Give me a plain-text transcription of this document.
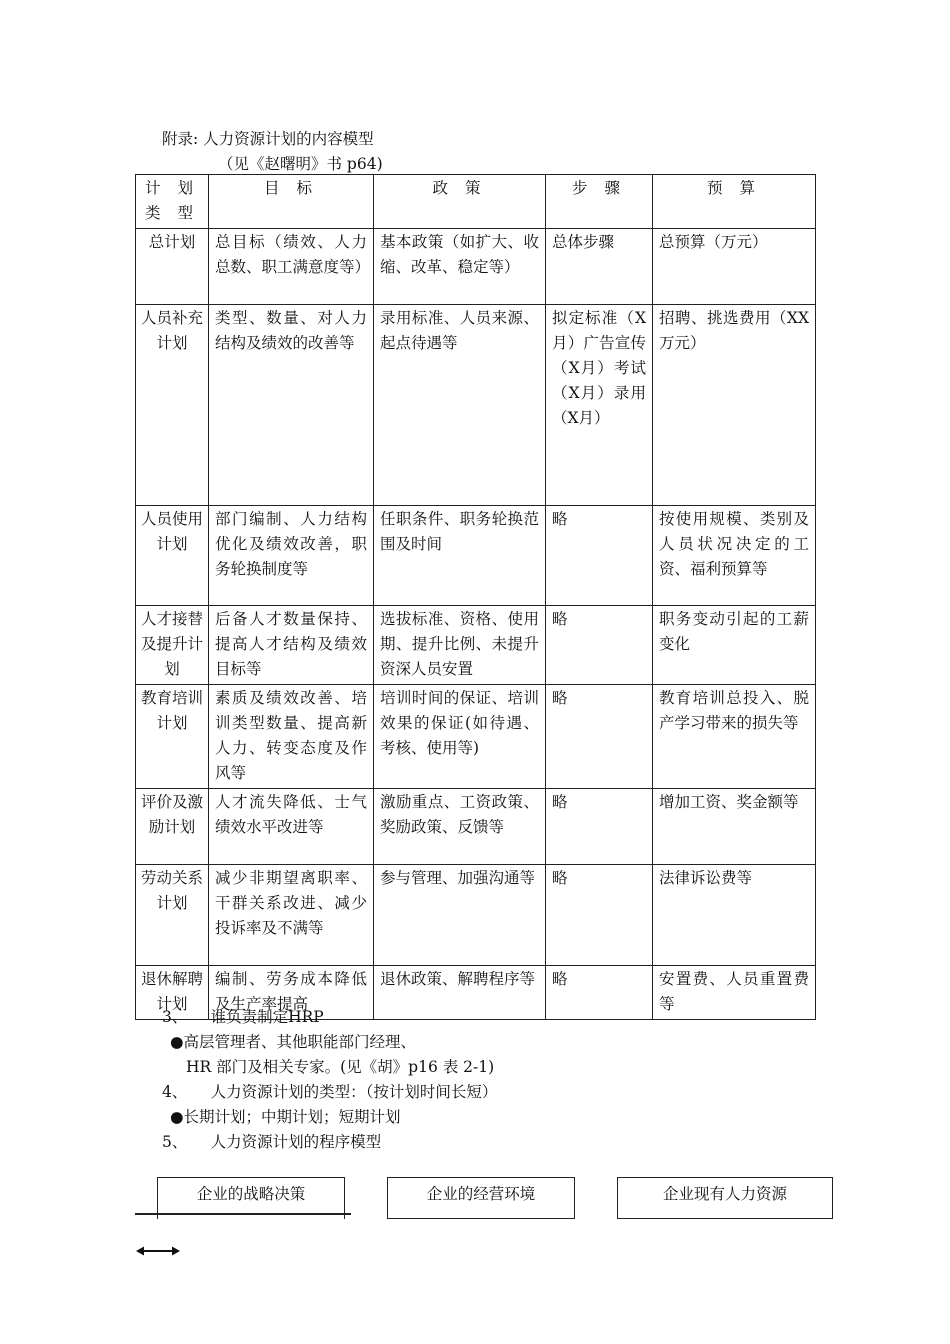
附录: 人力资源计划的内容模型
（见《赵曙明》书 p64)
计 划 类 型	目 标	政 策	步 骤	预 算
总计划	总目标（绩效、人力总数、职工满意度等）	基本政策（如扩大、收缩、改革、稳定等）	总体步骤	总预算（万元）
人员补充计划	类型、数量、对人力结构及绩效的改善等	录用标准、人员来源、起点待遇等	拟定标准（X月）广告宣传（X月）考试（X月）录用（X月）	招聘、挑选费用（XX万元）
人员使用计划	部门编制、人力结构优化及绩效改善，职务轮换制度等	任职条件、职务轮换范围及时间	略	按使用规模、类别及人员状况决定的工资、福利预算等
人才接替及提升计划	后备人才数量保持、提高人才结构及绩效目标等	选拔标准、资格、使用期、提升比例、未提升资深人员安置	略	职务变动引起的工薪变化
教育培训计划	素质及绩效改善、培训类型数量、提高新人力、转变态度及作风等	培训时间的保证、培训效果的保证(如待遇、考核、使用等)	略	教育培训总投入、脱产学习带来的损失等
评价及激励计划	人才流失降低、士气绩效水平改进等	激励重点、工资政策、奖励政策、反馈等	略	增加工资、奖金额等
劳动关系计划	减少非期望离职率、干群关系改进、减少投诉率及不满等	参与管理、加强沟通等	略	法律诉讼费等
退休解聘计划	编制、劳务成本降低及生产率提高	退休政策、解聘程序等	略	安置费、人员重置费等
3、　　谁负责制定HRP
●高层管理者、其他职能部门经理、
HR 部门及相关专家。(见《胡》p16 表 2-1)
4、　　人力资源计划的类型：（按计划时间长短）
●长期计划；中期计划；短期计划
5、　　人力资源计划的程序模型
企业的战略决策	企业的经营环境	企业现有人力资源
